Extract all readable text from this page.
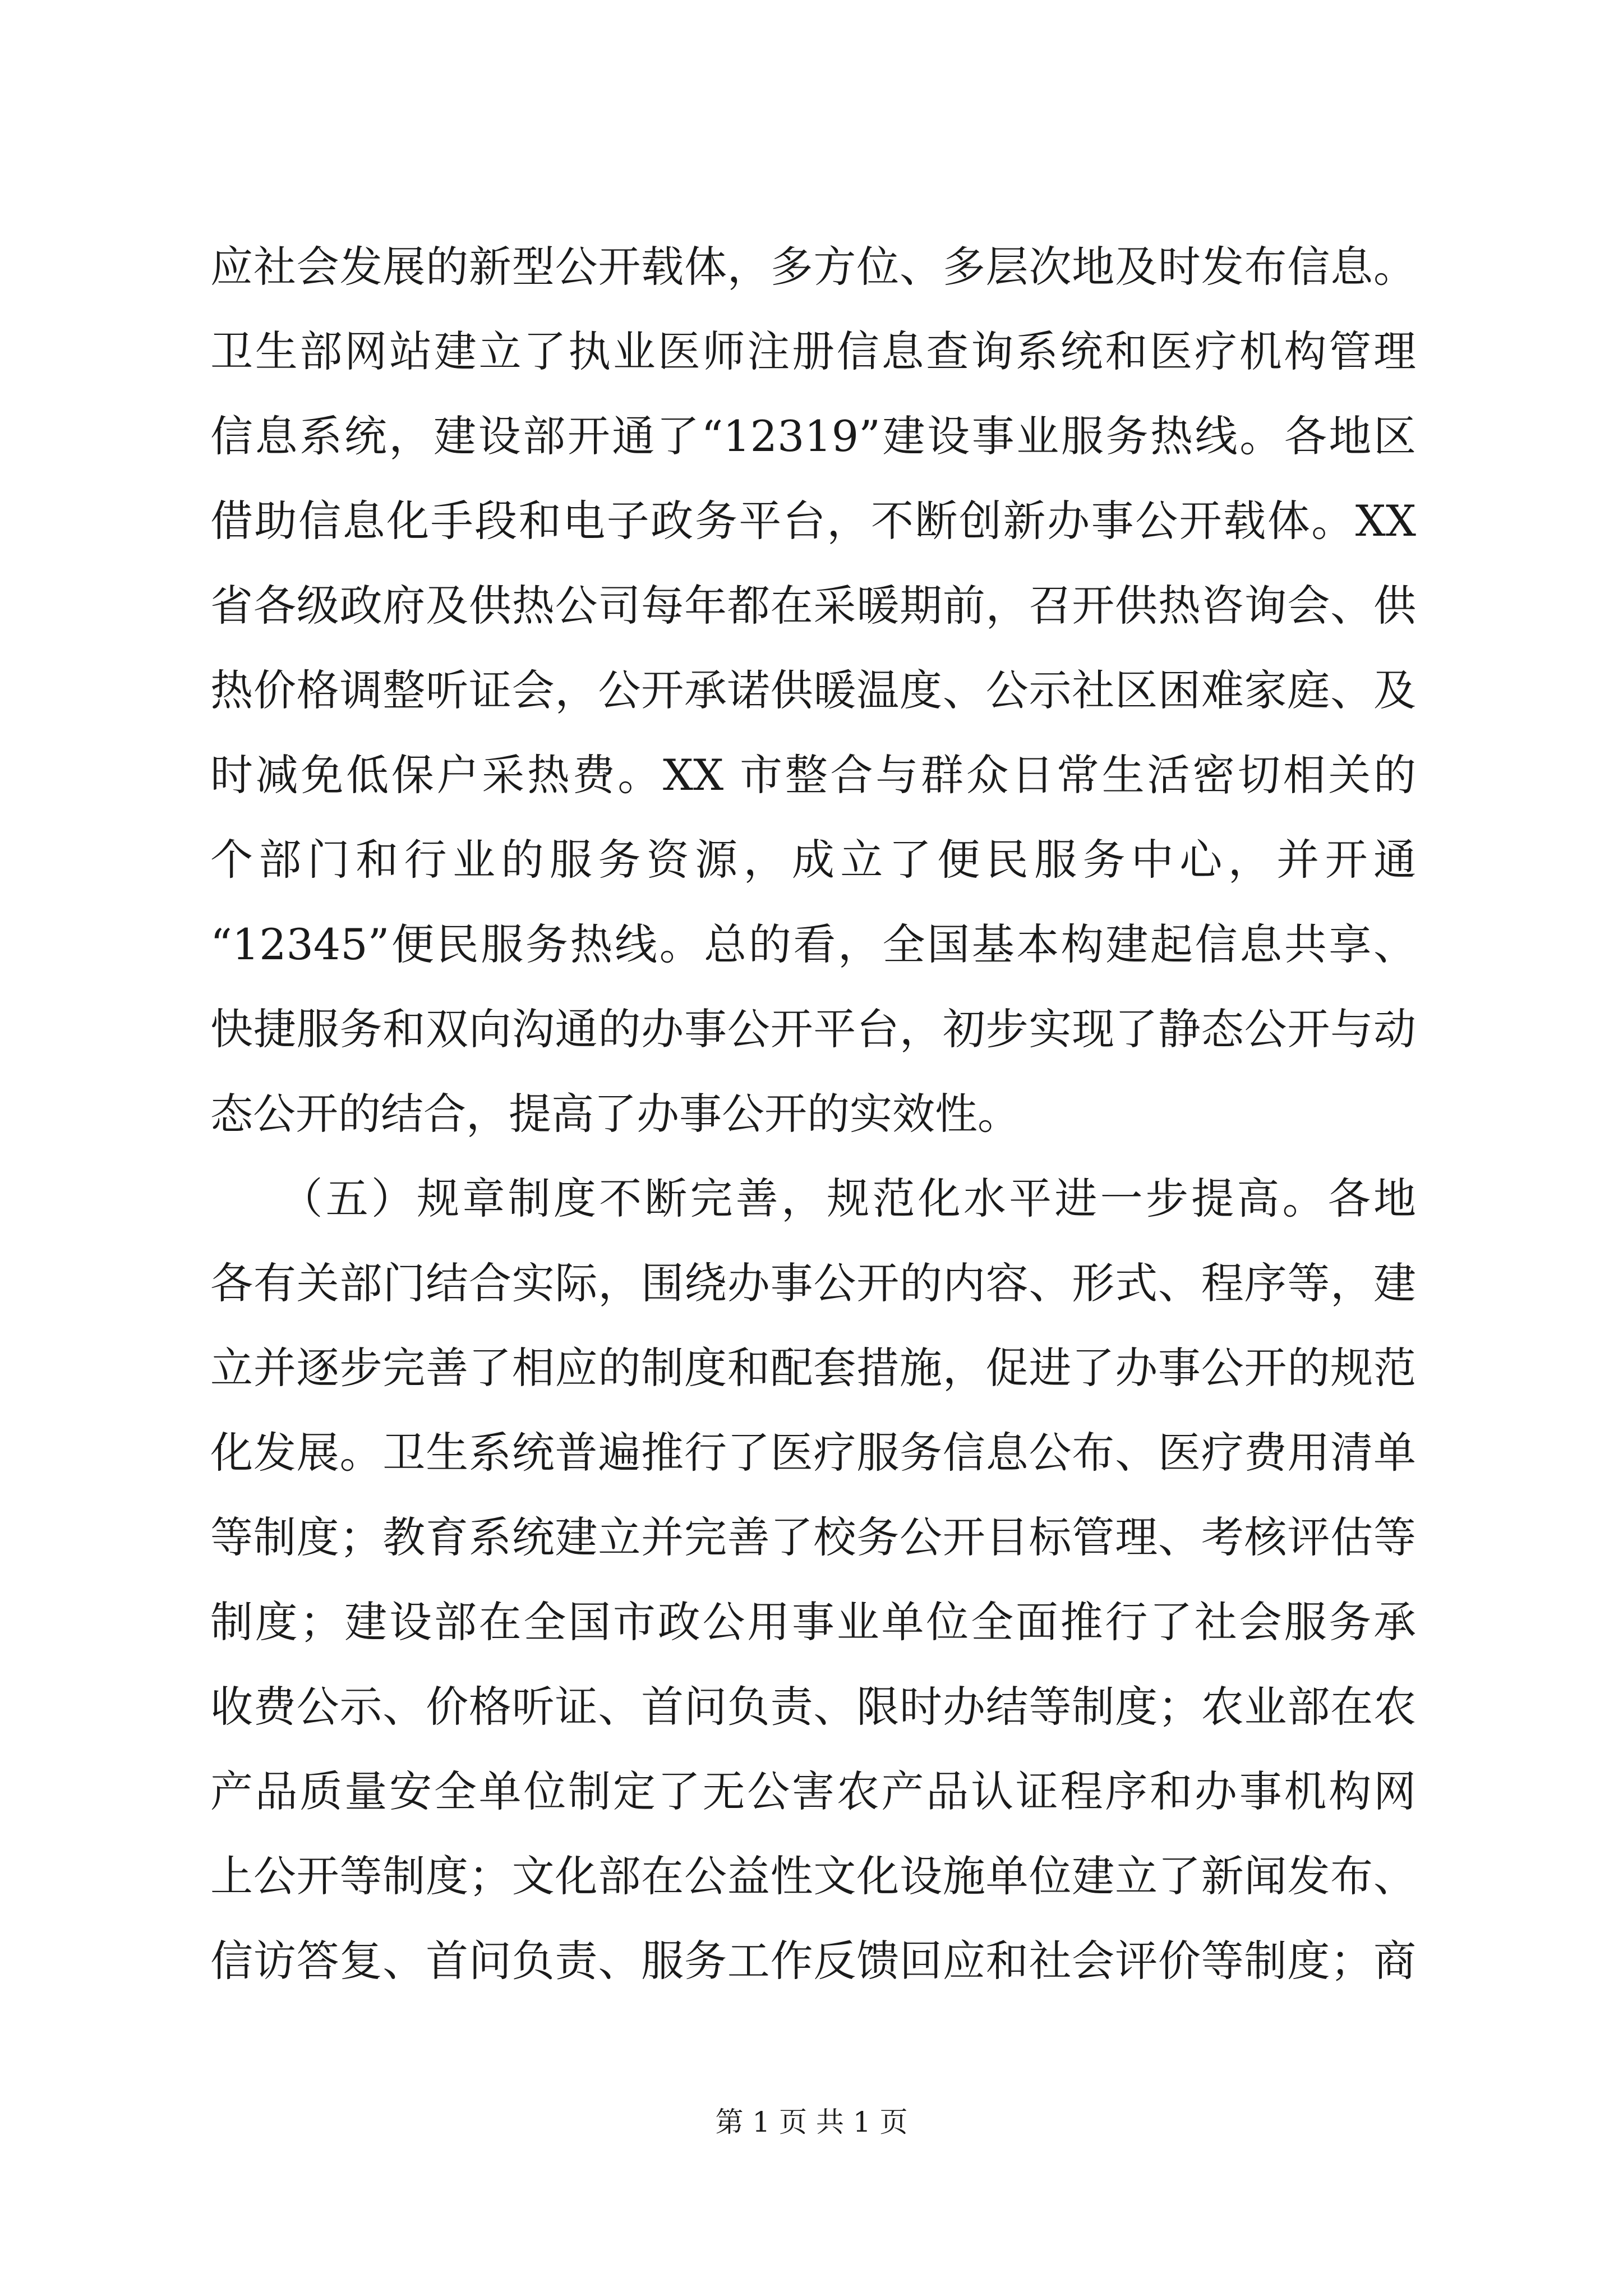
应社会发展的新型公开载体，多方位、多层次地及时发布信息。
卫生部网站建立了执业医师注册信息查询系统和医疗机构管理
信息系统，建设部开通了“12319”建设事业服务热线。各地区
借助信息化手段和电子政务平台，不断创新办事公开载体。XX
省各级政府及供热公司每年都在采暖期前，召开供热咨询会、供
热价格调整听证会，公开承诺供暖温度、公示社区困难家庭、及
时减免低保户采热费。XX 市整合与群众日常生活密切相关的
个部门和行业的服务资源，成立了便民服务中心，并开通
“12345”便民服务热线。总的看，全国基本构建起信息共享、
快捷服务和双向沟通的办事公开平台，初步实现了静态公开与动
态公开的结合，提高了办事公开的实效性。
　　（五）规章制度不断完善，规范化水平进一步提高。各地
各有关部门结合实际，围绕办事公开的内容、形式、程序等，建
立并逐步完善了相应的制度和配套措施，促进了办事公开的规范
化发展。卫生系统普遍推行了医疗服务信息公布、医疗费用清单
等制度；教育系统建立并完善了校务公开目标管理、考核评估等
制度；建设部在全国市政公用事业单位全面推行了社会服务承
收费公示、价格听证、首问负责、限时办结等制度；农业部在农
产品质量安全单位制定了无公害农产品认证程序和办事机构网
上公开等制度；文化部在公益性文化设施单位建立了新闻发布、
信访答复、首问负责、服务工作反馈回应和社会评价等制度；商
第 1 页 共 1 页
